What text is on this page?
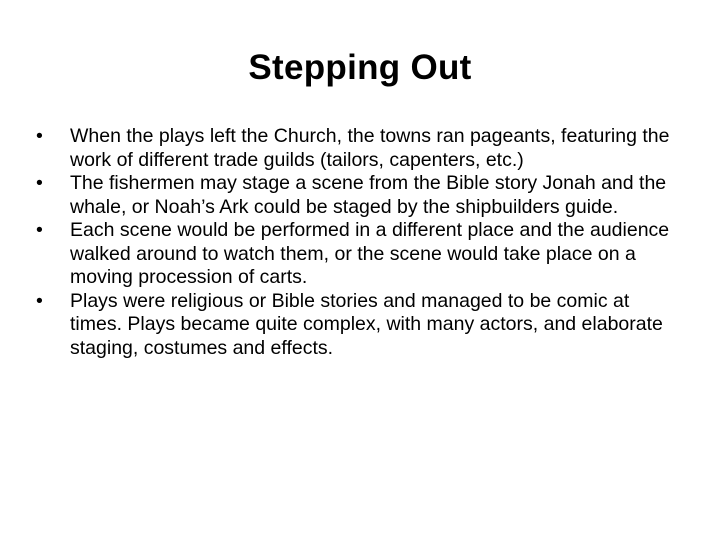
Stepping Out
•	When the plays left the Church, the towns ran pageants, featuring the work of different trade guilds (tailors, capenters, etc.)
•	The fishermen may stage a scene from the Bible story Jonah and the whale, or Noah’s Ark could be staged by the shipbuilders guide.
•	Each scene would be performed in a different place and the audience walked around to watch them, or the scene would take place on a moving procession of carts.
•	Plays were religious or Bible stories and managed to be comic at times. Plays became quite complex, with many actors, and elaborate staging, costumes and effects.
